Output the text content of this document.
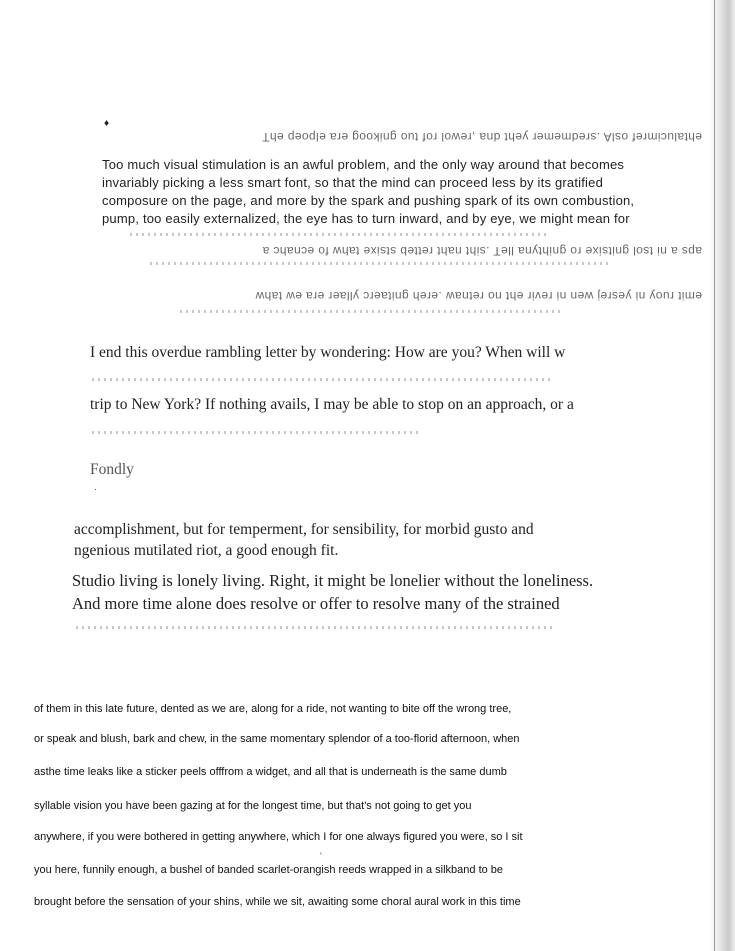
♦
ehtalucimref oslA .sredmemer yeht dna ,rewol rof tuo gnikoog era elpoep ehT
Too much visual stimulation is an awful problem, and the only way around that becomes
invariably picking a less smart font, so that the mind can proceed less by its gratified
composure on the page, and more by the spark and pushing spark of its own combustion,
pump, too easily externalized, the eye has to turn inward, and by eye, we might mean for
aps a ni tsol gnitsixe ro gnihtyna lleT .siht naht retteb stsixe tahw fo ecnahc a
emit ruoy ni yesrej wen ni revir eht no retnaw .ereh gnitaerc yllaer era ew tahw
I end this overdue rambling letter by wondering: How are you? When will w
trip to New York? If nothing avails, I may be able to stop on an approach, or a
Fondly
·
accomplishment, but for temperment, for sensibility, for morbid gusto and
ngenious mutilated riot, a good enough fit.
Studio living is lonely living. Right, it might be lonelier without the loneliness.
And more time alone does resolve or offer to resolve many of the strained
of them in this late future, dented as we are, along for a ride, not wanting to bite off the wrong tree,
or speak and blush, bark and chew, in the same momentary splendor of a too-florid afternoon, when
asthe time leaks like a sticker peels offfrom a widget, and all that is underneath is the same dumb
syllable vision you have been gazing at for the longest time, but that's not going to get you
anywhere, if you were bothered in getting anywhere, which I for one always figured you were, so I sit
'
you here, funnily enough, a bushel of banded scarlet-orangish reeds wrapped in a silkband to be
brought before the sensation of your shins, while we sit, awaiting some choral aural work in this time
